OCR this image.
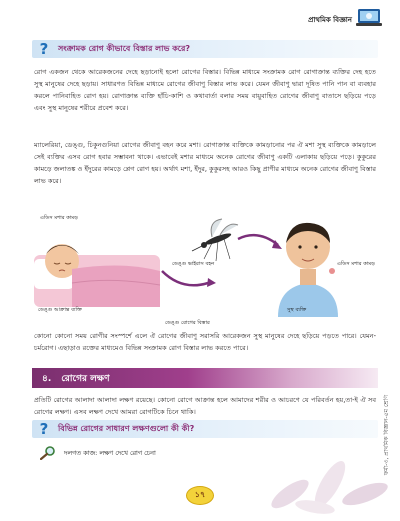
প্রাথমিক বিজ্ঞান
ফর্মা-৩, প্রাথমিক বিজ্ঞান-৫ম শ্রেণি
?	সংক্রামক রোগ কীভাবে বিস্তার লাভ করে?

রোগ একজন থেকে আরেকজনের দেহে ছড়ানোই হলো রোগের বিস্তার। বিভিন্ন মাধ্যমে সংক্রামক রোগ রোগাক্রান্ত ব্যক্তির দেহ হতে সুস্থ মানুষের দেহে ছড়ায়। সাধারণত বিভিন্ন মাধ্যমে রোগের জীবাণু বিস্তার লাভ করে। যেমন জীবাণু দ্বারা দূষিত পানি পান বা ব্যবহার করলে পানিবাহিত রোগ হয়। রোগাক্রান্ত ব্যক্তি হাঁচি-কাশি ও কথাবার্তা বলার সময় বায়ুবাহিত রোগের জীবাণু বাতাসে ছড়িয়ে পড়ে এবং সুস্থ মানুষের শরীরে প্রবেশ করে।

ম্যালেরিয়া, ডেঙ্গু, চিকুনগুনিয়া রোগের জীবাণু বহন করে মশা। রোগাক্রান্ত ব্যক্তিকে কামড়ানোর পর ঐ মশা সুস্থ ব্যক্তিকে কামড়ালে সেই ব্যক্তির এসব রোগ হবার সম্ভাবনা থাকে। এভাবেই মশার মাধ্যমে অনেক রোগের জীবাণু একটি এলাকায় ছড়িয়ে পড়ে। কুকুরের কামড়ে জলাতঙ্ক ও ইঁদুরের কামড়ে প্লেগ রোগ হয়। অর্থাৎ মশা, ইঁদুর, কুকুরসহ আরও কিছু প্রাণীর মাধ্যমে অনেক রোগের জীবাণু বিস্তার লাভ করে।

এডিস মশার কামড়
ডেঙ্গু ভাইরাস বহন	এডিস মশার কামড়
ডেঙ্গু আক্রান্ত ব্যক্তি	সুস্থ ব্যক্তি
ডেঙ্গু রোগের বিস্তার

কোনো কোনো সময় রোগীর সংস্পর্শে এলে ঐ রোগের জীবাণু সরাসরি আরেকজন সুস্থ মানুষের দেহে ছড়িয়ে পড়তে পারে। যেমন- চর্মরোগ। এছাড়াও রক্তের মাধ্যমেও বিভিন্ন সংক্রামক রোগ বিস্তার লাভ করতে পারে।

৪. রোগের লক্ষণ

প্রতিটি রোগের আলাদা আলাদা লক্ষণ রয়েছে। কোনো রোগে আক্রান্ত হলে আমাদের শরীর ও আচরণে যে পরিবর্তন হয়,তা-ই ঐ সব রোগের লক্ষণ। এসব লক্ষণ দেখে আমরা রোগটিকে চিনে থাকি।

?	বিভিন্ন রোগের সাধারণ লক্ষণগুলো কী কী?
দলগত কাজ: লক্ষণ দেখে রোগ চেনা
১৭
